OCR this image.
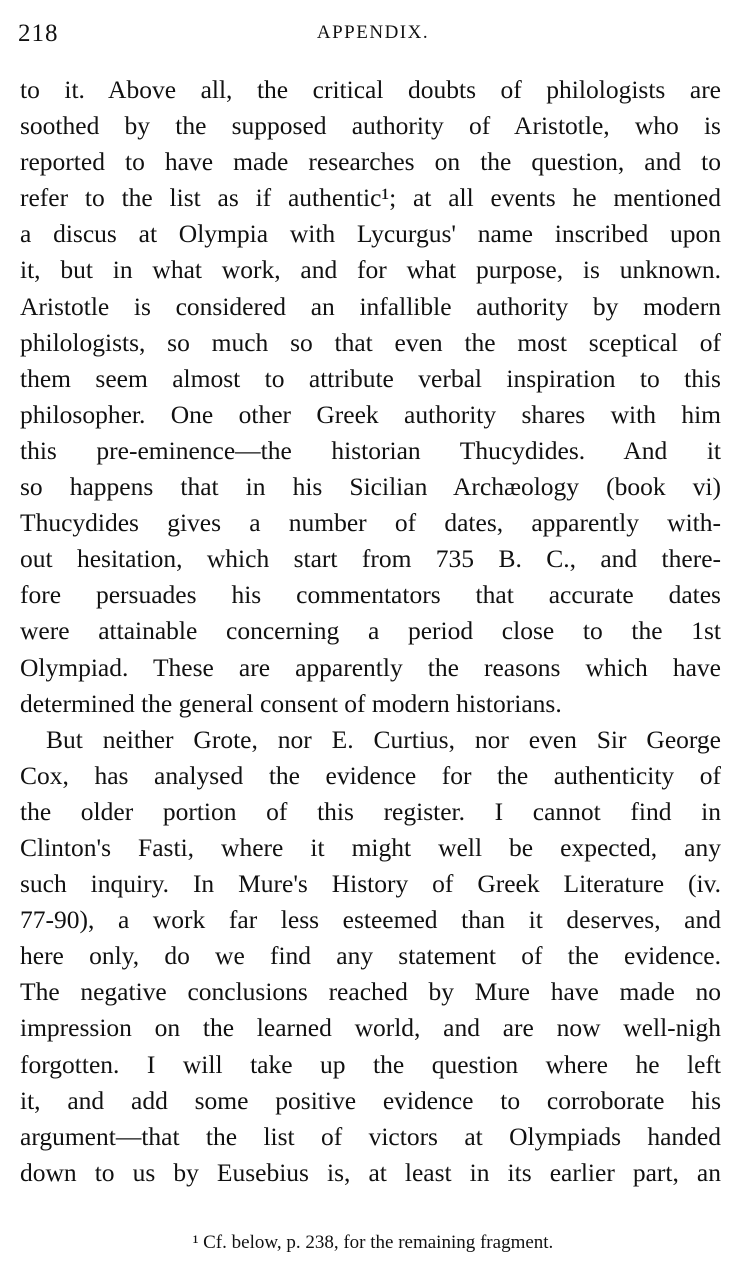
218	APPENDIX.
to it. Above all, the critical doubts of philologists are
soothed by the supposed authority of Aristotle, who is
reported to have made researches on the question, and to
refer to the list as if authentic¹; at all events he mentioned
a discus at Olympia with Lycurgus' name inscribed upon
it, but in what work, and for what purpose, is unknown.
Aristotle is considered an infallible authority by modern
philologists, so much so that even the most sceptical of
them seem almost to attribute verbal inspiration to this
philosopher. One other Greek authority shares with him
this pre-eminence—the historian Thucydides. And it
so happens that in his Sicilian Archæology (book vi)
Thucydides gives a number of dates, apparently with-
out hesitation, which start from 735 B. C., and there-
fore persuades his commentators that accurate dates
were attainable concerning a period close to the 1st
Olympiad. These are apparently the reasons which have
determined the general consent of modern historians.
But neither Grote, nor E. Curtius, nor even Sir George
Cox, has analysed the evidence for the authenticity of
the older portion of this register. I cannot find in
Clinton's Fasti, where it might well be expected, any
such inquiry. In Mure's History of Greek Literature (iv.
77-90), a work far less esteemed than it deserves, and
here only, do we find any statement of the evidence.
The negative conclusions reached by Mure have made no
impression on the learned world, and are now well-nigh
forgotten. I will take up the question where he left
it, and add some positive evidence to corroborate his
argument—that the list of victors at Olympiads handed
down to us by Eusebius is, at least in its earlier part, an
¹ Cf. below, p. 238, for the remaining fragment.
